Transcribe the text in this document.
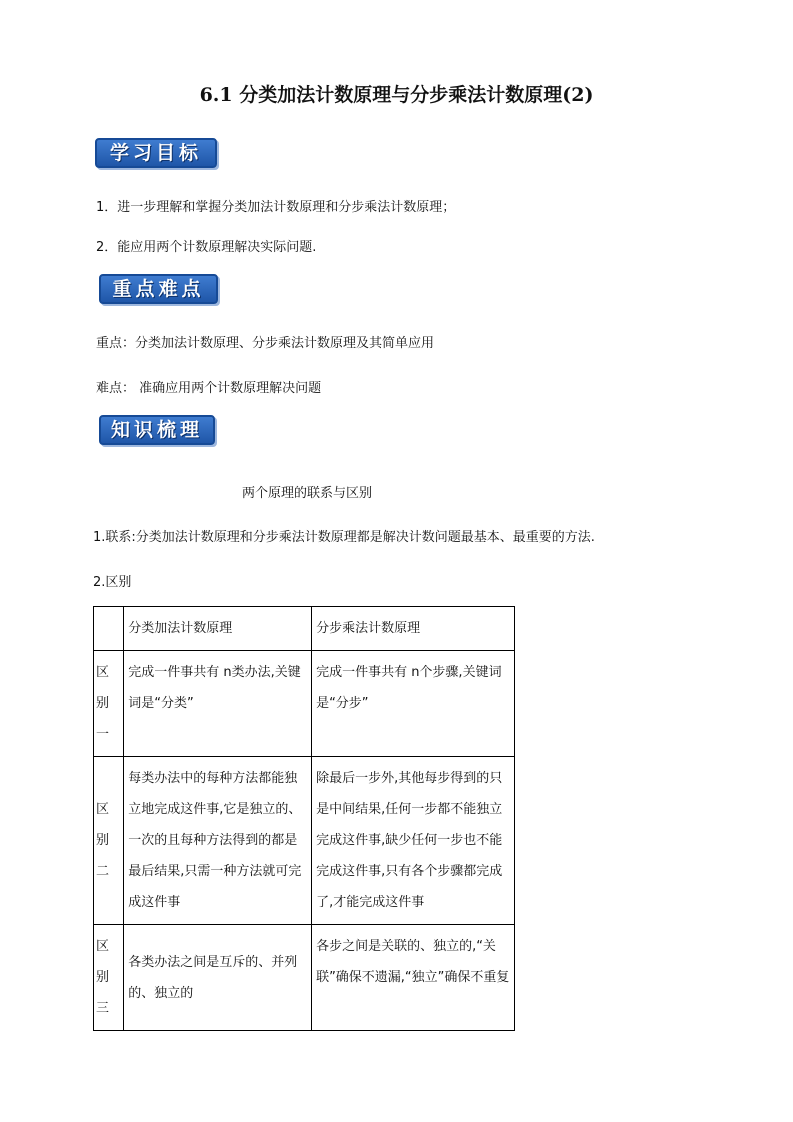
6.1 分类加法计数原理与分步乘法计数原理(2)
学习目标
1．进一步理解和掌握分类加法计数原理和分步乘法计数原理；
2．能应用两个计数原理解决实际问题.
重点难点
重点：分类加法计数原理、分步乘法计数原理及其简单应用
难点： 准确应用两个计数原理解决问题
知识梳理
两个原理的联系与区别
1.联系:分类加法计数原理和分步乘法计数原理都是解决计数问题最基本、最重要的方法.
2.区别
	分类加法计数原理	分步乘法计数原理
区别一	完成一件事共有 n类办法,关键词是“分类”	完成一件事共有 n个步骤,关键词是“分步”
区别二	每类办法中的每种方法都能独立地完成这件事,它是独立的、一次的且每种方法得到的都是最后结果,只需一种方法就可完成这件事	除最后一步外,其他每步得到的只是中间结果,任何一步都不能独立完成这件事,缺少任何一步也不能完成这件事,只有各个步骤都完成了,才能完成这件事
区别三	各类办法之间是互斥的、并列的、独立的	各步之间是关联的、独立的,“关联”确保不遗漏,“独立”确保不重复
